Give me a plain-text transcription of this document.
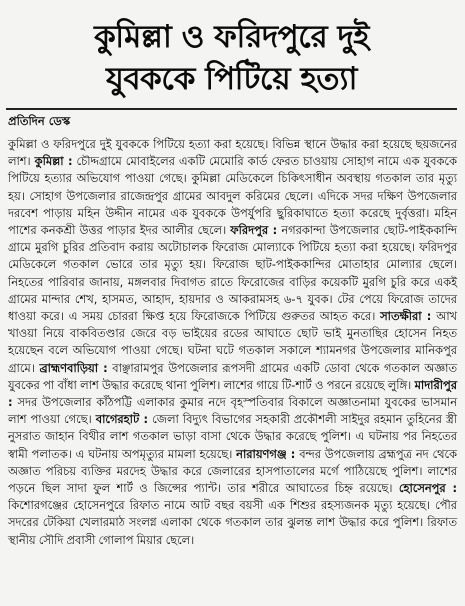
কুমিল্লা ও ফরিদপুরে দুই
যুবককে পিটিয়ে হত্যা
প্রতিদিন ডেস্ক
কুমিল্লা ও ফরিদপুরে দুই যুবককে পিটিয়ে হত্যা করা হয়েছে। বিভিন্ন স্থানে উদ্ধার করা হয়েছে ছয়জনের লাশ। কুমিল্লা : চৌদ্দগ্রামে মোবাইলের একটি মেমোরি কার্ড ফেরত চাওয়ায় সোহাগ নামে এক যুবককে পিটিয়ে হত্যার অভিযোগ পাওয়া গেছে। কুমিল্লা মেডিকেলে চিকিৎসাধীন অবস্থায় গতকাল তার মৃত্যু হয়। সোহাগ উপজেলার রাজেন্দ্রপুর গ্রামের আবদুল করিমের ছেলে। এদিকে সদর দক্ষিণ উপজেলার দরবেশ পাড়ায় মহিন উদ্দীন নামের এক যুবককে উপর্যুপরি ছুরিকাঘাতে হত্যা করেছে দুর্বৃত্তরা। মহিন পাশের কনকশ্রী উত্তর পাড়ার ইদর আলীর ছেলে। ফরিদপুর : নগরকান্দা উপজেলার ছোট-পাইককান্দি গ্রামে মুরগি চুরির প্রতিবাদ করায় অটোচালক ফিরোজ মোল্যাকে পিটিয়ে হত্যা করা হয়েছে। ফরিদপুর মেডিকেলে গতকাল ভোরে তার মৃত্যু হয়। ফিরোজ ছাট-পাইককান্দির মোতাহার মোল্যার ছেলে। নিহতের পারিবার জানায়, মঙ্গলবার দিবাগত রাতে ফিরোজের বাড়ির কয়েকটি মুরগি চুরি করে একই গ্রামের মান্দার শেখ, হাসমত, আহাদ, হায়দার ও আকরামসহ ৬-৭ যুবক। টের পেয়ে ফিরোজ তাদের ধাওয়া করে। এ সময় চোররা ক্ষিপ্ত হয়ে ফিরোজকে পিটিয়ে গুরুতর আহত করে। সাতক্ষীরা : আখ খাওয়া নিয়ে বাকবিতণ্ডার জেরে বড় ভাইয়ের রডের আঘাতে ছোট ভাই মুনতাছির হোসেন নিহত হয়েছেন বলে অভিযোগ পাওয়া গেছে। ঘটনা ঘটে গতকাল সকালে শ্যামনগর উপজেলার মানিকপুর গ্রামে। ব্রাহ্মণবাড়িয়া : বাঞ্ছারামপুর উপজেলার রূপসদী গ্রামের একটি ডোবা থেকে গতকাল অজ্ঞাত যুবকের পা বাঁধা লাশ উদ্ধার করেছে থানা পুলিশ। লাশের গায়ে টি-শার্ট ও পরনে রয়েছে লুঙ্গি। মাদারীপুর : সদর উপজেলার কাঁঠপট্টি এলাকার কুমার নদে বৃহস্পতিবার বিকালে অজ্ঞাতনামা যুবকের ভাসমান লাশ পাওয়া গেছে। বাগেরহাট : জেলা বিদ্যুৎ বিভাগের সহকারী প্রকৌশলী সাইদুর রহমান তুহিনের স্ত্রী নুসরাত জাহান বিথীর লাশ গতকাল ভাড়া বাসা থেকে উদ্ধার করেছে পুলিশ। এ ঘটনায় পর নিহতের স্বামী পলাতক। এ ঘটনায় অপমৃত্যুর মামলা হয়েছে। নারায়ণগঞ্জ : বন্দর উপজেলায় ব্রহ্মপুত্র নদ থেকে অজ্ঞাত পরিচয় ব্যক্তির মরদেহ উদ্ধার করে জেলারের হাসপাতালের মর্গে পাঠিয়েছে পুলিশ। লাশের পড়নে ছিল সাদা ফুল শার্ট ও জিন্সের প্যান্ট। তার শরীরে আঘাতের চিহ্ন রয়েছে। হোসেনপুর : কিশোরগঞ্জের হোসেনপুরে রিফাত নামে আট বছর বয়সী এক শিশুর রহস্যজনক মৃত্যু হয়েছে। পৌর সদরের টেকিয়া খেলারমাঠ সংলগ্ন এলাকা থেকে গতকাল তার ঝুলন্ত লাশ উদ্ধার করে পুলিশ। রিফাত স্থানীয় সৌদি প্রবাসী গোলাপ মিয়ার ছেলে।
